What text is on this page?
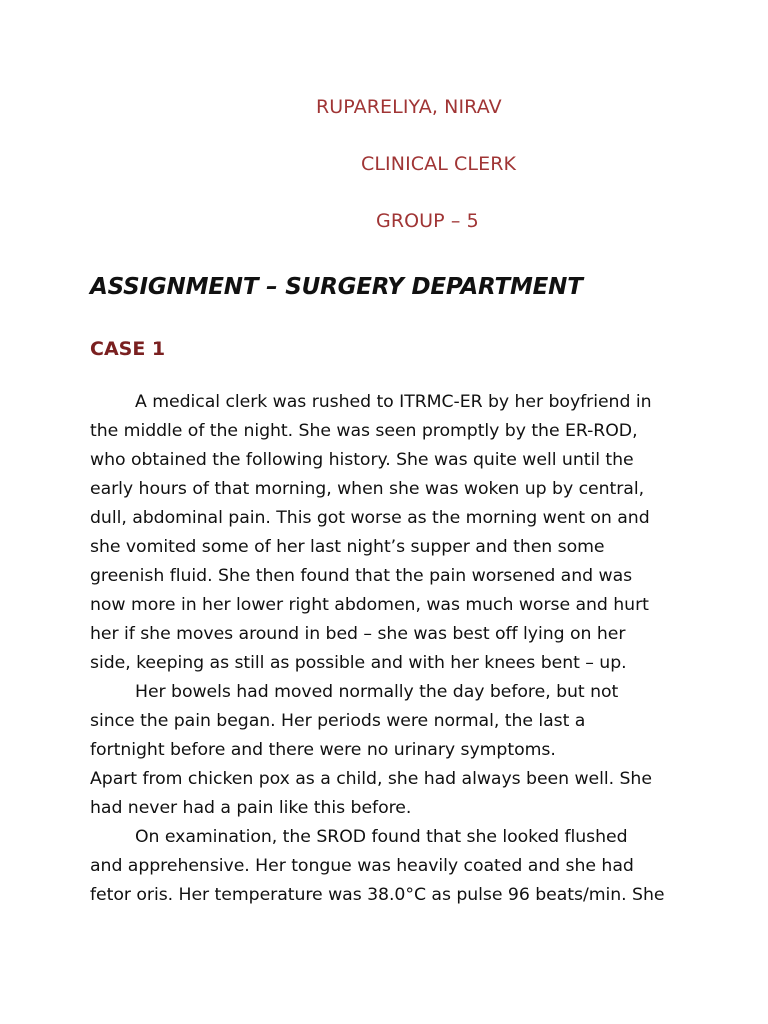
RUPARELIYA, NIRAV
CLINICAL CLERK
GROUP – 5
ASSIGNMENT – SURGERY DEPARTMENT
CASE 1
A medical clerk was rushed to ITRMC-ER by her boyfriend in
the middle of the night. She was seen promptly by the ER-ROD,
who obtained the following history. She was quite well until the
early hours of that morning, when she was woken up by central,
dull, abdominal pain. This got worse as the morning went on and
she vomited some of her last night’s supper and then some
greenish fluid. She then found that the pain worsened and was
now more in her lower right abdomen, was much worse and hurt
her if she moves around in bed – she was best off lying on her
side, keeping as still as possible and with her knees bent – up.
Her bowels had moved normally the day before, but not
since the pain began. Her periods were normal, the last a
fortnight before and there were no urinary symptoms.
Apart from chicken pox as a child, she had always been well. She
had never had a pain like this before.
On examination, the SROD found that she looked flushed
and apprehensive. Her tongue was heavily coated and she had
fetor oris. Her temperature was 38.0°C as pulse 96 beats/min. She
